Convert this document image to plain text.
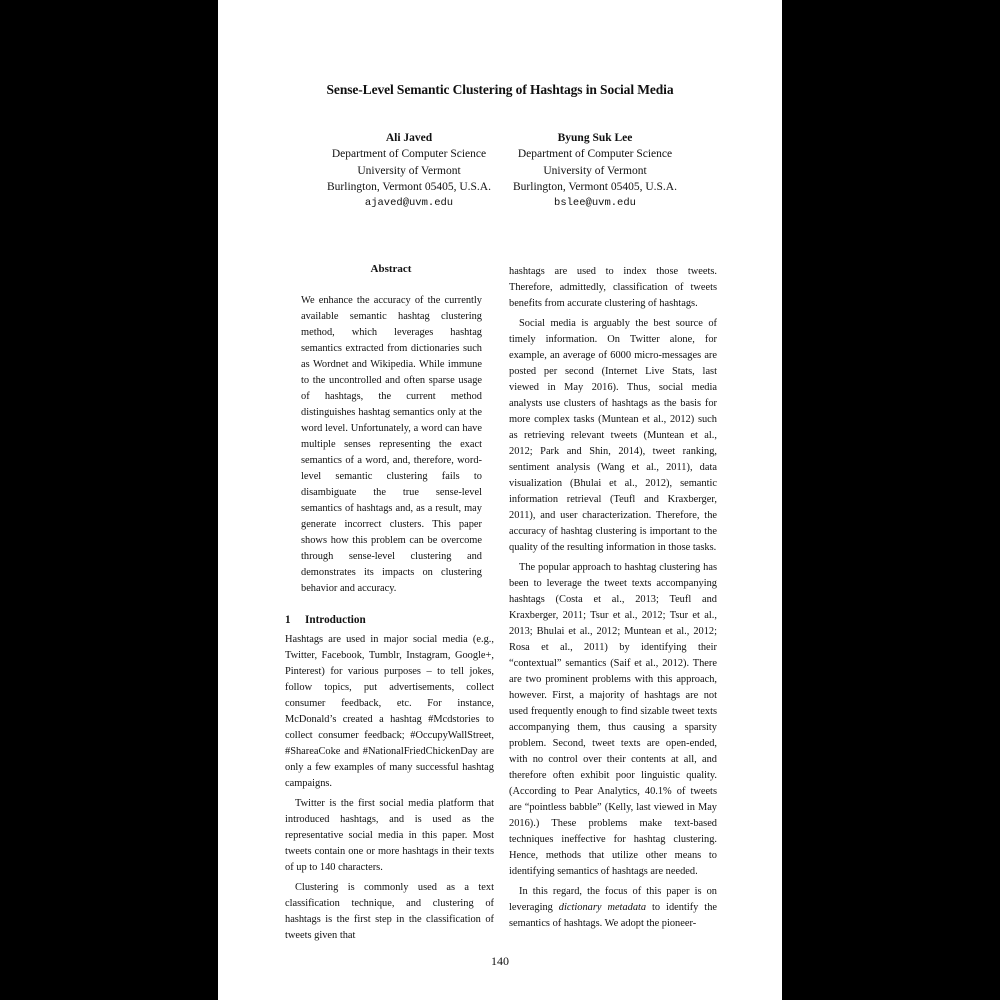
Sense-Level Semantic Clustering of Hashtags in Social Media
Ali Javed
Department of Computer Science
University of Vermont
Burlington, Vermont 05405, U.S.A.
ajaved@uvm.edu
Byung Suk Lee
Department of Computer Science
University of Vermont
Burlington, Vermont 05405, U.S.A.
bslee@uvm.edu
Abstract

We enhance the accuracy of the currently available semantic hashtag clustering method, which leverages hashtag semantics extracted from dictionaries such as Wordnet and Wikipedia. While immune to the uncontrolled and often sparse usage of hashtags, the current method distinguishes hashtag semantics only at the word level. Unfortunately, a word can have multiple senses representing the exact semantics of a word, and, therefore, word-level semantic clustering fails to disambiguate the true sense-level semantics of hashtags and, as a result, may generate incorrect clusters. This paper shows how this problem can be overcome through sense-level clustering and demonstrates its impacts on clustering behavior and accuracy.

1 Introduction

Hashtags are used in major social media (e.g., Twitter, Facebook, Tumblr, Instagram, Google+, Pinterest) for various purposes – to tell jokes, follow topics, put advertisements, collect consumer feedback, etc. For instance, McDonald’s created a hashtag #Mcdstories to collect consumer feedback; #OccupyWallStreet, #ShareaCoke and #NationalFriedChickenDay are only a few examples of many successful hashtag campaigns.

Twitter is the first social media platform that introduced hashtags, and is used as the representative social media in this paper. Most tweets contain one or more hashtags in their texts of up to 140 characters.

Clustering is commonly used as a text classification technique, and clustering of hashtags is the first step in the classification of tweets given that

hashtags are used to index those tweets. Therefore, admittedly, classification of tweets benefits from accurate clustering of hashtags.

Social media is arguably the best source of timely information. On Twitter alone, for example, an average of 6000 micro-messages are posted per second (Internet Live Stats, last viewed in May 2016). Thus, social media analysts use clusters of hashtags as the basis for more complex tasks (Muntean et al., 2012) such as retrieving relevant tweets (Muntean et al., 2012; Park and Shin, 2014), tweet ranking, sentiment analysis (Wang et al., 2011), data visualization (Bhulai et al., 2012), semantic information retrieval (Teufl and Kraxberger, 2011), and user characterization. Therefore, the accuracy of hashtag clustering is important to the quality of the resulting information in those tasks.

The popular approach to hashtag clustering has been to leverage the tweet texts accompanying hashtags (Costa et al., 2013; Teufl and Kraxberger, 2011; Tsur et al., 2012; Tsur et al., 2013; Bhulai et al., 2012; Muntean et al., 2012; Rosa et al., 2011) by identifying their “contextual” semantics (Saif et al., 2012). There are two prominent problems with this approach, however. First, a majority of hashtags are not used frequently enough to find sizable tweet texts accompanying them, thus causing a sparsity problem. Second, tweet texts are open-ended, with no control over their contents at all, and therefore often exhibit poor linguistic quality. (According to Pear Analytics, 40.1% of tweets are “pointless babble” (Kelly, last viewed in May 2016).) These problems make text-based techniques ineffective for hashtag clustering. Hence, methods that utilize other means to identifying semantics of hashtags are needed.

In this regard, the focus of this paper is on leveraging dictionary metadata to identify the semantics of hashtags. We adopt the pioneer-

140
